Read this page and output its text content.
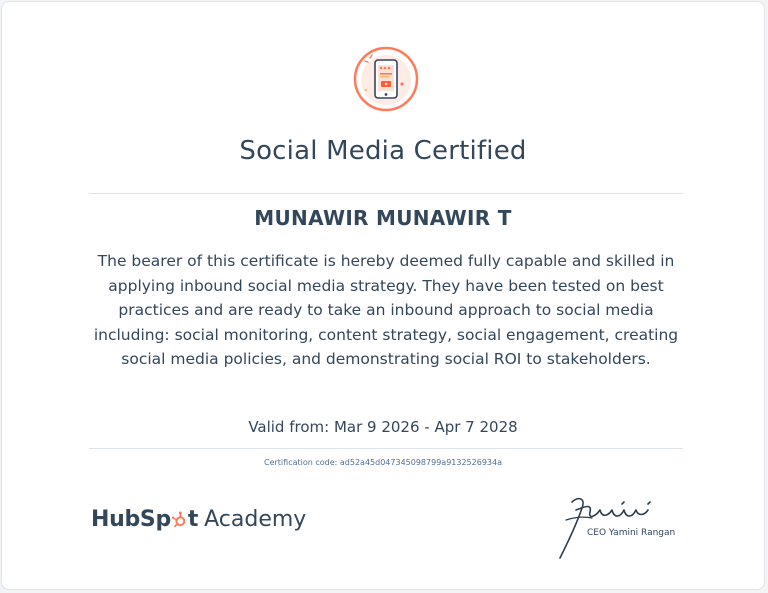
Social Media Certified
MUNAWIR MUNAWIR T
The bearer of this certificate is hereby deemed fully capable and skilled in applying inbound social media strategy. They have been tested on best practices and are ready to take an inbound approach to social media including: social monitoring, content strategy, social engagement, creating social media policies, and demonstrating social ROI to stakeholders.
Valid from: Mar 9 2026 - Apr 7 2028
Certification code: ad52a45d047345098799a9132526934a
HubSp t Academy
CEO Yamini Rangan
